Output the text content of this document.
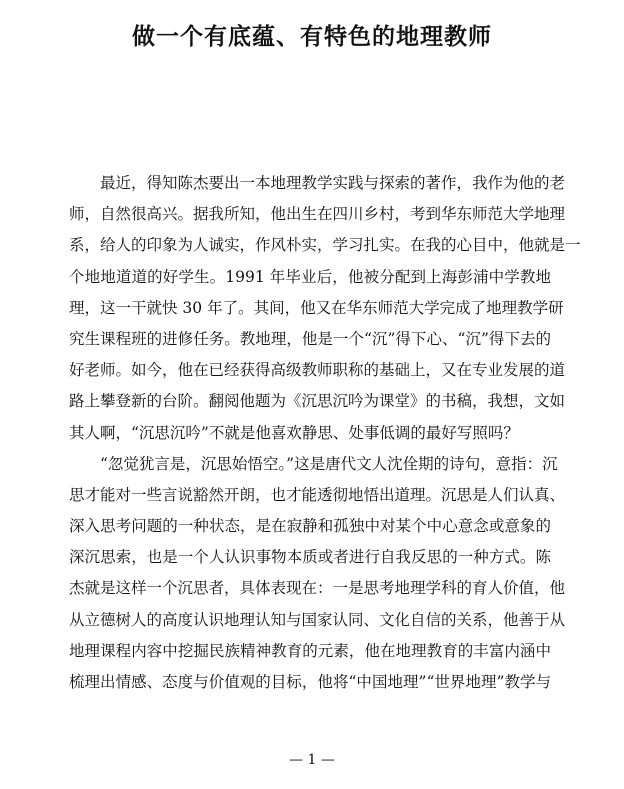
做一个有底蕴、有特色的地理教师
最近，得知陈杰要出一本地理教学实践与探索的著作，我作为他的老
师，自然很高兴。据我所知，他出生在四川乡村，考到华东师范大学地理
系，给人的印象为人诚实，作风朴实，学习扎实。在我的心目中，他就是一
个地地道道的好学生。1991 年毕业后，他被分配到上海彭浦中学教地
理，这一干就快 30 年了。其间，他又在华东师范大学完成了地理教学研
究生课程班的进修任务。教地理，他是一个“沉”得下心、“沉”得下去的
好老师。如今，他在已经获得高级教师职称的基础上，又在专业发展的道
路上攀登新的台阶。翻阅他题为《沉思沉吟为课堂》的书稿，我想，文如
其人啊，“沉思沉吟”不就是他喜欢静思、处事低调的最好写照吗？
“忽觉犹言是，沉思始悟空。”这是唐代文人沈佺期的诗句，意指：沉
思才能对一些言说豁然开朗，也才能透彻地悟出道理。沉思是人们认真、
深入思考问题的一种状态，是在寂静和孤独中对某个中心意念或意象的
深沉思索，也是一个人认识事物本质或者进行自我反思的一种方式。陈
杰就是这样一个沉思者，具体表现在：一是思考地理学科的育人价值，他
从立德树人的高度认识地理认知与国家认同、文化自信的关系，他善于从
地理课程内容中挖掘民族精神教育的元素，他在地理教育的丰富内涵中
梳理出情感、态度与价值观的目标，他将“中国地理”“世界地理”教学与
— 1 —
